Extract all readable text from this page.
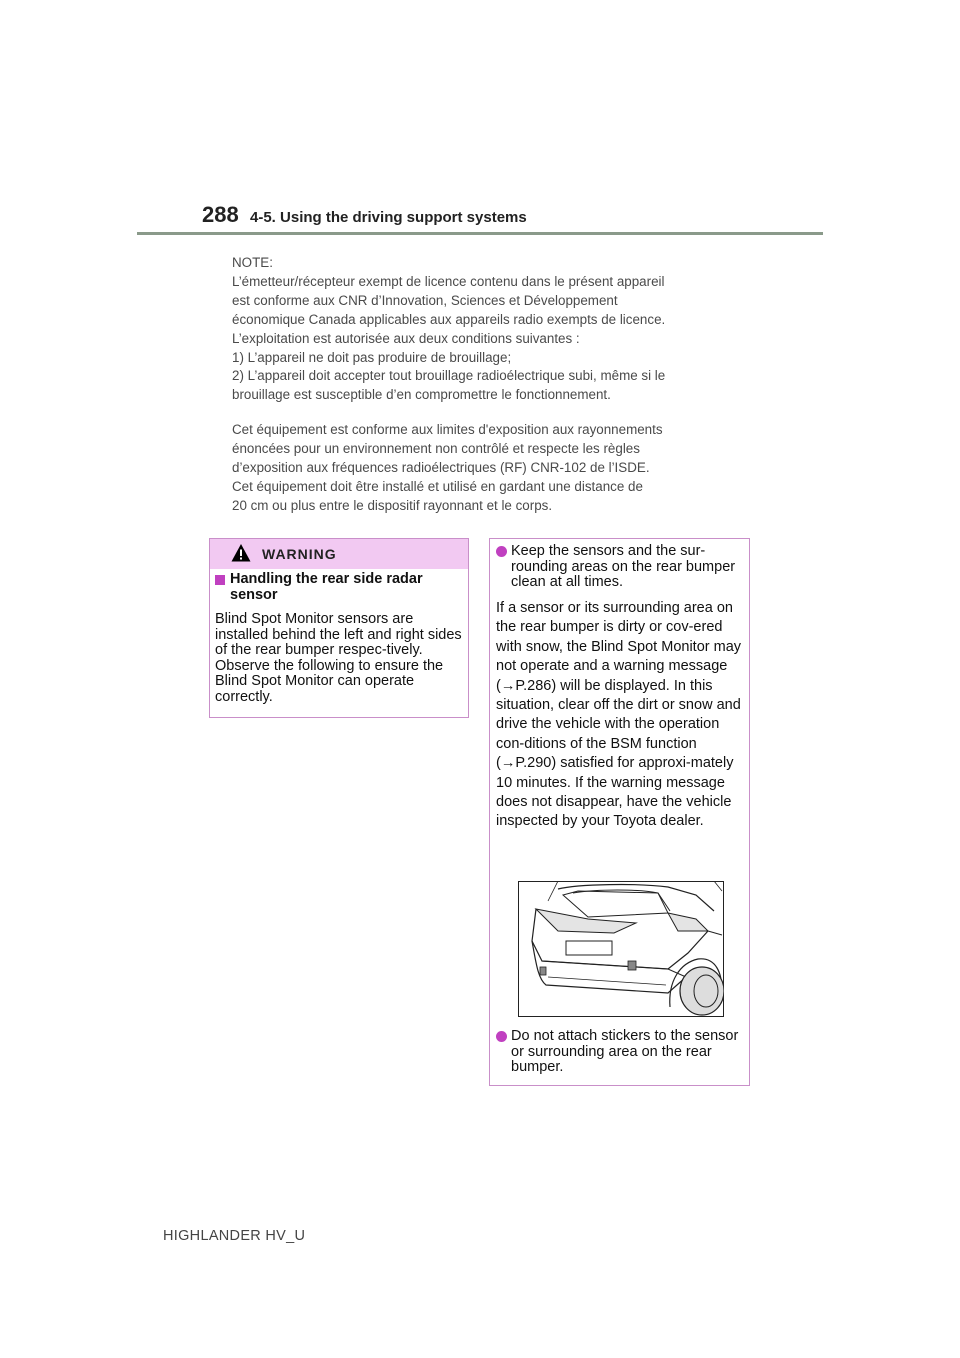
288 4-5. Using the driving support systems
NOTE:
L’émetteur/récepteur exempt de licence contenu dans le présent appareil
est conforme aux CNR d’Innovation, Sciences et Développement
économique Canada applicables aux appareils radio exempts de licence.
L’exploitation est autorisée aux deux conditions suivantes :
1) L’appareil ne doit pas produire de brouillage;
2) L’appareil doit accepter tout brouillage radioélectrique subi, même si le
brouillage est susceptible d’en compromettre le fonctionnement.
Cet équipement est conforme aux limites d'exposition aux rayonnements
énoncées pour un environnement non contrôlé et respecte les règles
d’exposition aux fréquences radioélectriques (RF) CNR-102 de l’ISDE.
Cet équipement doit être installé et utilisé en gardant une distance de
20 cm ou plus entre le dispositif rayonnant et le corps.
WARNING
Handling the rear side radar sensor
Blind Spot Monitor sensors are installed behind the left and right sides of the rear bumper respec-tively. Observe the following to ensure the Blind Spot Monitor can operate correctly.
Keep the sensors and the sur-rounding areas on the rear bumper clean at all times.
If a sensor or its surrounding area on the rear bumper is dirty or cov-ered with snow, the Blind Spot Monitor may not operate and a warning message (→P.286) will be displayed. In this situation, clear off the dirt or snow and drive the vehicle with the operation con-ditions of the BSM function (→P.290) satisfied for approxi-mately 10 minutes. If the warning message does not disappear, have the vehicle inspected by your Toyota dealer.
Do not attach stickers to the sensor or surrounding area on the rear bumper.
HIGHLANDER HV_U
